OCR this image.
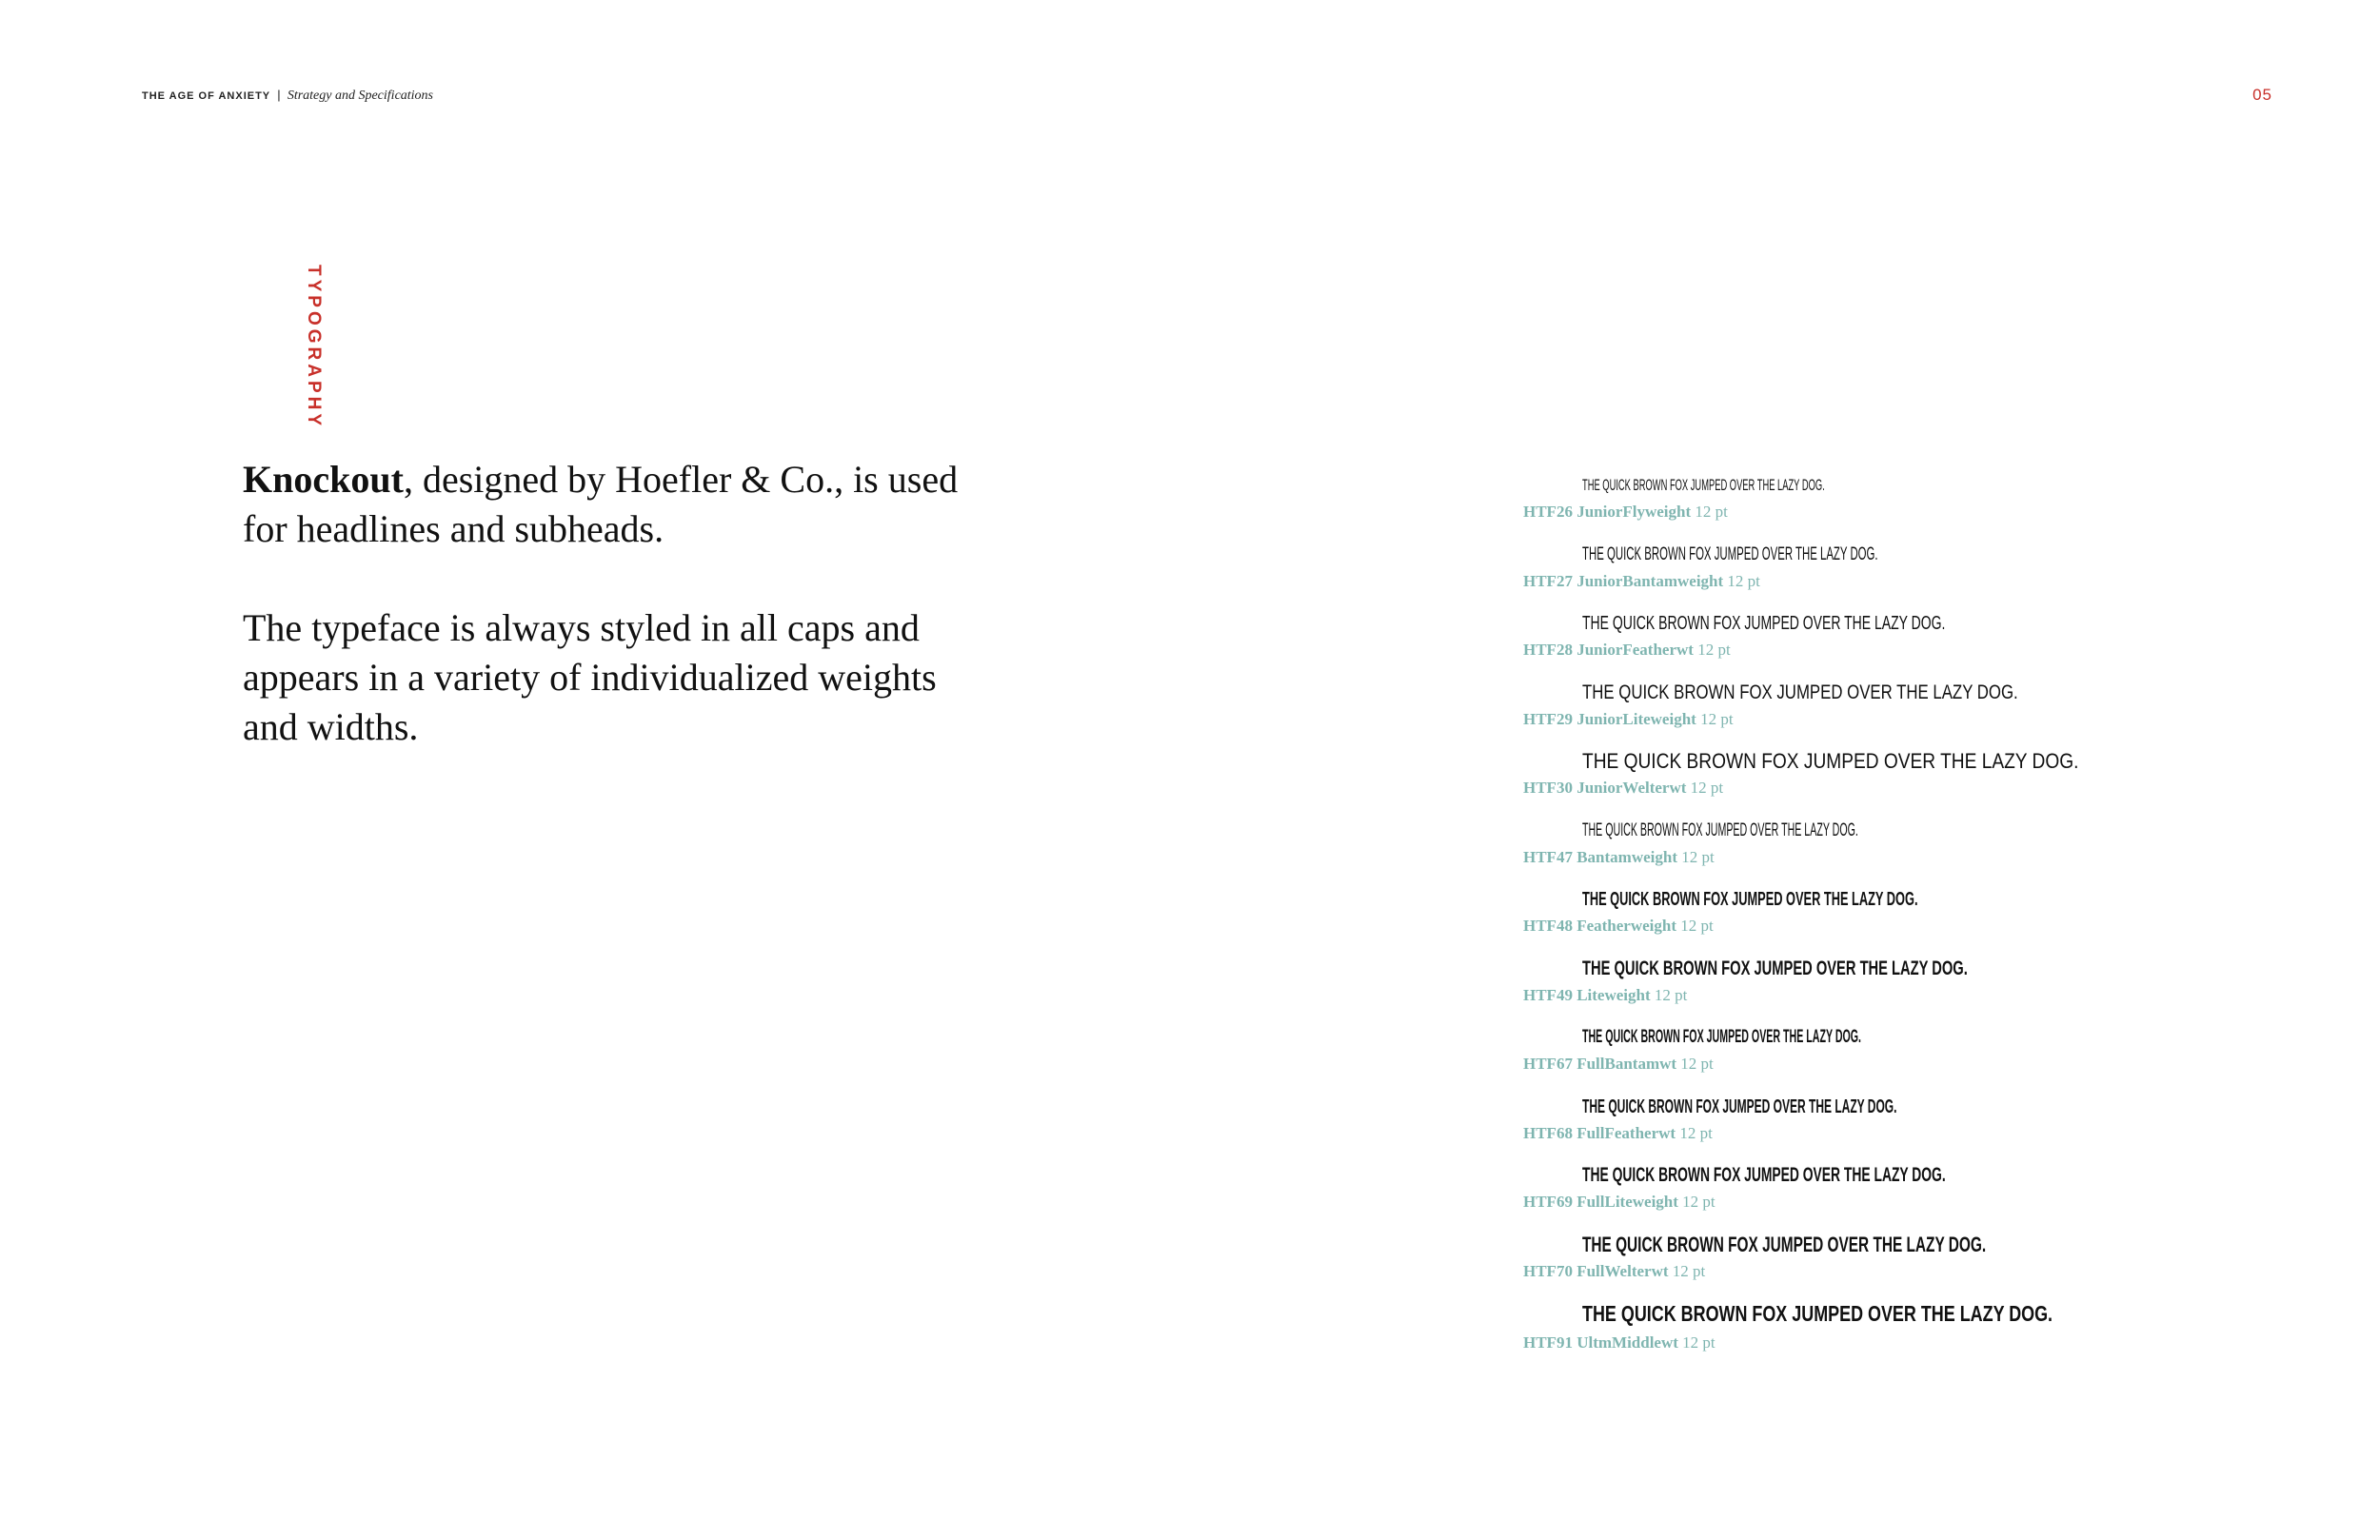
THE AGE OF ANXIETY | Strategy and Specifications	05
TYPOGRAPHY

Knockout, designed by Hoefler & Co., is used for headlines and subheads.

The typeface is always styled in all caps and appears in a variety of individualized weights and widths.

THE QUICK BROWN FOX JUMPED OVER THE LAZY DOG.
HTF26 JuniorFlyweight 12 pt
THE QUICK BROWN FOX JUMPED OVER THE LAZY DOG.
HTF27 JuniorBantamweight 12 pt
THE QUICK BROWN FOX JUMPED OVER THE LAZY DOG.
HTF28 JuniorFeatherwt 12 pt
THE QUICK BROWN FOX JUMPED OVER THE LAZY DOG.
HTF29 JuniorLiteweight 12 pt
THE QUICK BROWN FOX JUMPED OVER THE LAZY DOG.
HTF30 JuniorWelterwt 12 pt
THE QUICK BROWN FOX JUMPED OVER THE LAZY DOG.
HTF47 Bantamweight 12 pt
THE QUICK BROWN FOX JUMPED OVER THE LAZY DOG.
HTF48 Featherweight 12 pt
THE QUICK BROWN FOX JUMPED OVER THE LAZY DOG.
HTF49 Liteweight 12 pt
THE QUICK BROWN FOX JUMPED OVER THE LAZY DOG.
HTF67 FullBantamwt 12 pt
THE QUICK BROWN FOX JUMPED OVER THE LAZY DOG.
HTF68 FullFeatherwt 12 pt
THE QUICK BROWN FOX JUMPED OVER THE LAZY DOG.
HTF69 FullLiteweight 12 pt
THE QUICK BROWN FOX JUMPED OVER THE LAZY DOG.
HTF70 FullWelterwt 12 pt
THE QUICK BROWN FOX JUMPED OVER THE LAZY DOG.
HTF91 UltmMiddlewt 12 pt
